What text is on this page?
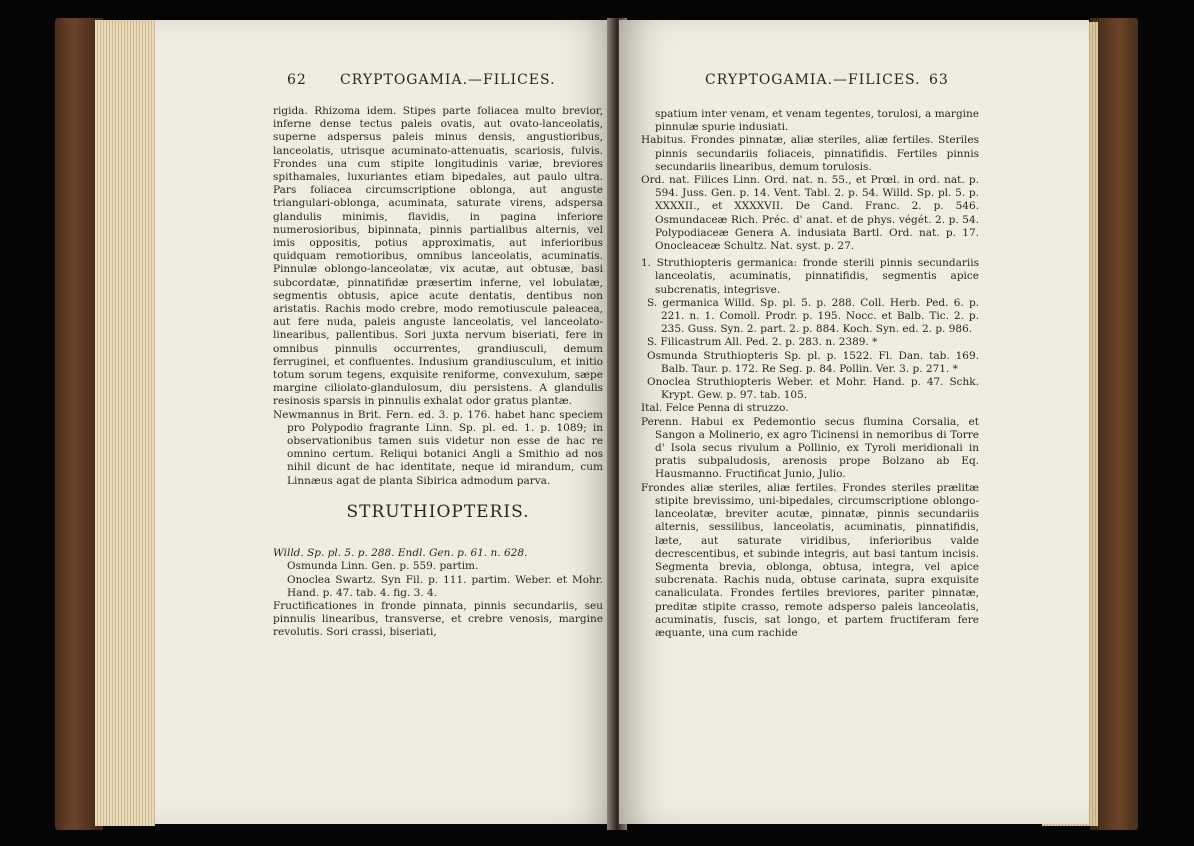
62 CRYPTOGAMIA.—FILICES.

rigida. Rhizoma idem. Stipes parte foliacea multo brevior, inferne dense tectus paleis ovatis, aut ovato-lanceolatis, superne adspersus paleis minus densis, angustioribus, lanceolatis, utrisque acuminato-attenuatis, scariosis, fulvis. Frondes una cum stipite longitudinis variæ, breviores spithamales, luxuriantes etiam bipedales, aut paulo ultra. Pars foliacea circumscriptione oblonga, aut anguste triangulari-oblonga, acuminata, saturate virens, adspersa glandulis minimis, flavidis, in pagina inferiore numerosioribus, bipinnata, pinnis partialibus alternis, vel imis oppositis, potius approximatis, aut inferioribus quidquam remotioribus, omnibus lanceolatis, acuminatis. Pinnulæ oblongo-lanceolatæ, vix acutæ, aut obtusæ, basi subcordatæ, pinnatifidæ præsertim inferne, vel lobulatæ, segmentis obtusis, apice acute dentatis, dentibus non aristatis. Rachis modo crebre, modo remotiuscule paleacea, aut fere nuda, paleis anguste lanceolatis, vel lanceolato-linearibus, pallentibus. Sori juxta nervum biseriati, fere in omnibus pinnulis occurrentes, grandiusculi, demum ferruginei, et confluentes. Indusium grandiusculum, et initio totum sorum tegens, exquisite reniforme, convexulum, sæpe margine ciliolato-glandulosum, diu persistens. A glandulis resinosis sparsis in pinnulis exhalat odor gratus plantæ.

Newmannus in Brit. Fern. ed. 3. p. 176. habet hanc speciem pro Polypodio fragrante Linn. Sp. pl. ed. 1. p. 1089; in observationibus tamen suis videtur non esse de hac re omnino certum. Reliqui botanici Angli a Smithio ad nos nihil dicunt de hac identitate, neque id mirandum, cum Linnæus agat de planta Sibirica admodum parva.

STRUTHIOPTERIS.

Willd. Sp. pl. 5. p. 288. Endl. Gen. p. 61. n. 628.

Osmunda Linn. Gen. p. 559. partim.

Onoclea Swartz. Syn Fil. p. 111. partim. Weber. et Mohr. Hand. p. 47. tab. 4. fig. 3. 4.

Fructificationes in fronde pinnata, pinnis secundariis, seu pinnulis linearibus, transverse, et crebre venosis, margine revolutis. Sori crassi, biseriati,

CRYPTOGAMIA.—FILICES. 63

spatium inter venam, et venam tegentes, torulosi, a margine pinnulæ spurie indusiati.

Habitus. Frondes pinnatæ, aliæ steriles, aliæ fertiles. Steriles pinnis secundariis foliaceis, pinnatifidis. Fertiles pinnis secundariis linearibus, demum torulosis.

Ord. nat. Filices Linn. Ord. nat. n. 55., et Prœl. in ord. nat. p. 594. Juss. Gen. p. 14. Vent. Tabl. 2. p. 54. Willd. Sp. pl. 5. p. XXXXII., et XXXXVII. De Cand. Franc. 2. p. 546. Osmundaceæ Rich. Préc. d' anat. et de phys. végét. 2. p. 54. Polypodiaceæ Genera A. indusiata Bartl. Ord. nat. p. 17. Onocleaceæ Schultz. Nat. syst. p. 27.

1. Struthiopteris germanica: fronde sterili pinnis secundariis lanceolatis, acuminatis, pinnatifidis, segmentis apice subcrenatis, integrisve.

S. germanica Willd. Sp. pl. 5. p. 288. Coll. Herb. Ped. 6. p. 221. n. 1. Comoll. Prodr. p. 195. Nocc. et Balb. Tic. 2. p. 235. Guss. Syn. 2. part. 2. p. 884. Koch. Syn. ed. 2. p. 986.

S. Filicastrum All. Ped. 2. p. 283. n. 2389. *

Osmunda Struthiopteris Sp. pl. p. 1522. Fl. Dan. tab. 169. Balb. Taur. p. 172. Re Seg. p. 84. Pollin. Ver. 3. p. 271. *

Onoclea Struthiopteris Weber. et Mohr. Hand. p. 47. Schk. Krypt. Gew. p. 97. tab. 105.

Ital. Felce Penna di struzzo.

Perenn. Habui ex Pedemontio secus flumina Corsalia, et Sangon a Molinerio, ex agro Ticinensi in nemoribus di Torre d' Isola secus rivulum a Pollinio, ex Tyroli meridionali in pratis subpaludosis, arenosis prope Bolzano ab Eq. Hausmanno. Fructificat Junio, Julio.

Frondes aliæ steriles, aliæ fertiles. Frondes steriles prælitæ stipite brevissimo, uni-bipedales, circumscriptione oblongo-lanceolatæ, breviter acutæ, pinnatæ, pinnis secundariis alternis, sessilibus, lanceolatis, acuminatis, pinnatifidis, læte, aut saturate viridibus, inferioribus valde decrescentibus, et subinde integris, aut basi tantum incisis. Segmenta brevia, oblonga, obtusa, integra, vel apice subcrenata. Rachis nuda, obtuse carinata, supra exquisite canaliculata. Frondes fertiles breviores, pariter pinnatæ, preditæ stipite crasso, remote adsperso paleis lanceolatis, acuminatis, fuscis, sat longo, et partem fructiferam fere æquante, una cum rachide
